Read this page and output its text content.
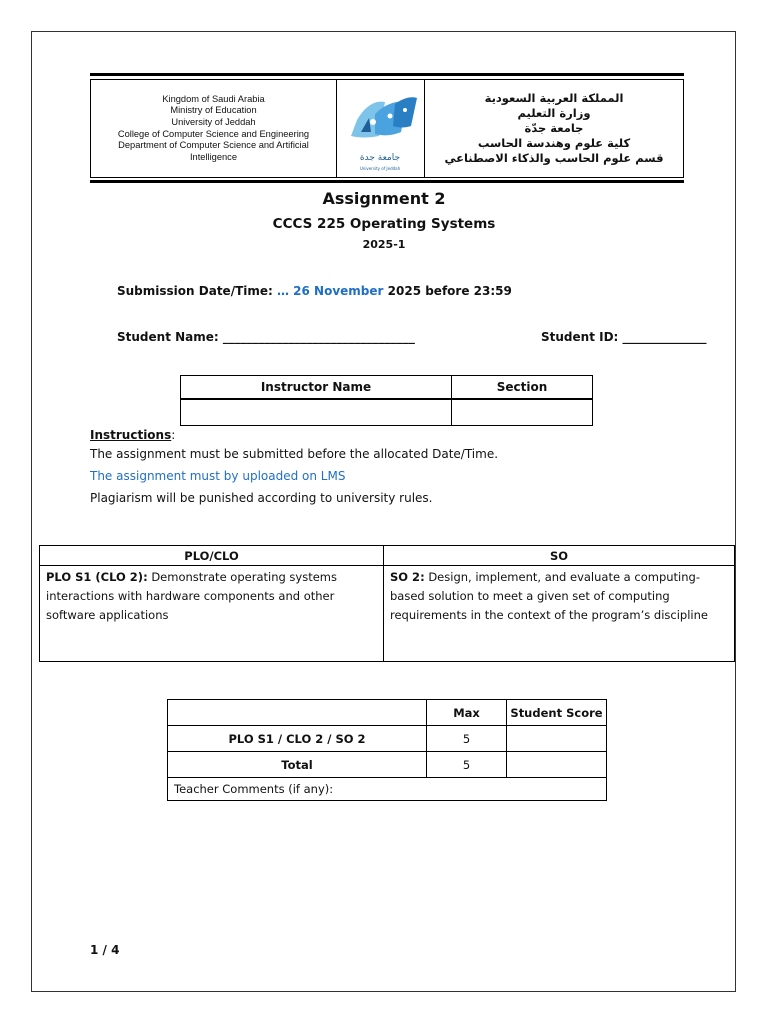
Kingdom of Saudi Arabia
Ministry of Education
University of Jeddah
College of Computer Science and Engineering
Department of Computer Science and Artificial Intelligence	جامعة جدة
University of Jeddah
المملكة العربية السعودية
وزارة التعليم
جامعة جدّة
كلية علوم وهندسة الحاسب
قسم علوم الحاسب والذكاء الاصطناعي
Assignment 2
CCCS 225 Operating Systems
2025-1
Submission Date/Time: … 26 November 2025 before 23:59
Student Name: ________________________________	Student ID: ______________
Instructor Name	Section

Instructions:
The assignment must be submitted before the allocated Date/Time.
The assignment must by uploaded on LMS
Plagiarism will be punished according to university rules.
PLO/CLO	SO
PLO S1 (CLO 2): Demonstrate operating systems interactions with hardware components and other software applications	SO 2: Design, implement, and evaluate a computing-based solution to meet a given set of computing requirements in the context of the program’s discipline
	Max	Student Score
PLO S1 / CLO 2 / SO 2	5	
Total	5	
Teacher Comments (if any):		
1 / 4
